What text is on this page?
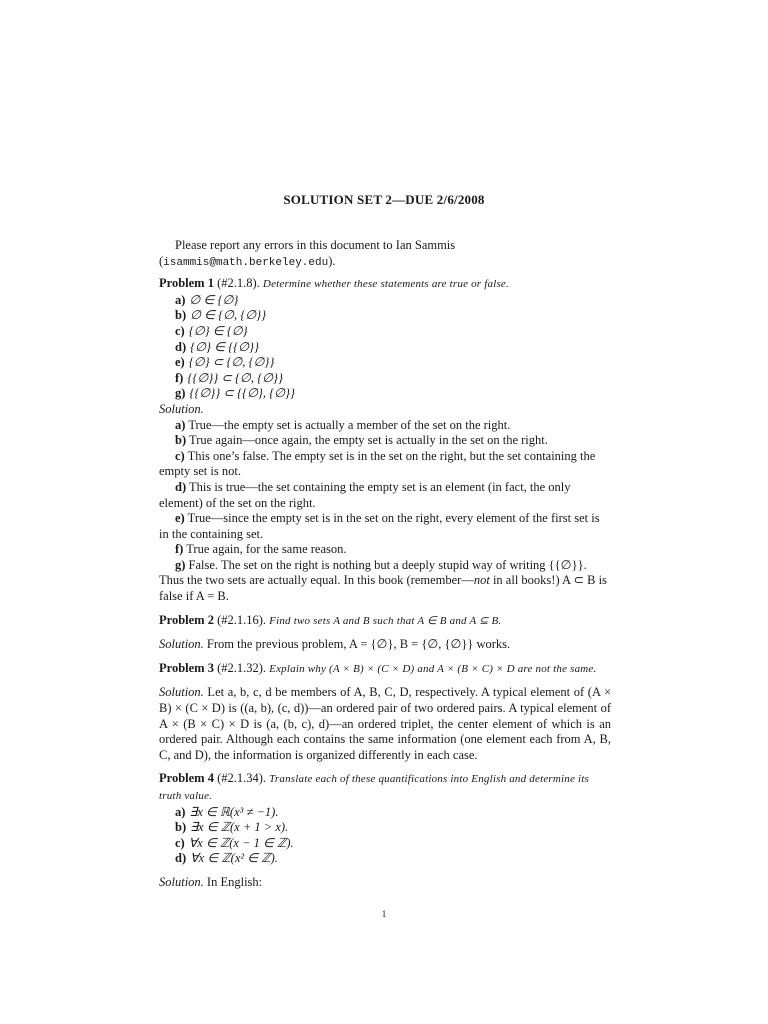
SOLUTION SET 2—DUE 2/6/2008

Please report any errors in this document to Ian Sammis (isammis@math.berkeley.edu).

Problem 1 (#2.1.8). Determine whether these statements are true or false.

a) ∅ ∈ {∅}
b) ∅ ∈ {∅, {∅}}
c) {∅} ∈ {∅}
d) {∅} ∈ {{∅}}
e) {∅} ⊂ {∅, {∅}}
f) {{∅}} ⊂ {∅, {∅}}
g) {{∅}} ⊂ {{∅}, {∅}}

Solution.

a) True—the empty set is actually a member of the set on the right.

b) True again—once again, the empty set is actually in the set on the right.

c) This one’s false. The empty set is in the set on the right, but the set containing the empty set is not.

d) This is true—the set containing the empty set is an element (in fact, the only element) of the set on the right.

e) True—since the empty set is in the set on the right, every element of the first set is in the containing set.

f) True again, for the same reason.

g) False. The set on the right is nothing but a deeply stupid way of writing {{∅}}. Thus the two sets are actually equal. In this book (remember—not in all books!) A ⊂ B is false if A = B.

Problem 2 (#2.1.16). Find two sets A and B such that A ∈ B and A ⊆ B.

Solution. From the previous problem, A = {∅}, B = {∅, {∅}} works.

Problem 3 (#2.1.32). Explain why (A × B) × (C × D) and A × (B × C) × D are not the same.

Solution. Let a, b, c, d be members of A, B, C, D, respectively. A typical element of (A × B) × (C × D) is ((a, b), (c, d))—an ordered pair of two ordered pairs. A typical element of A × (B × C) × D is (a, (b, c), d)—an ordered triplet, the center element of which is an ordered pair. Although each contains the same information (one element each from A, B, C, and D), the information is organized differently in each case.

Problem 4 (#2.1.34). Translate each of these quantifications into English and determine its truth value.

a) ∃x ∈ ℝ(x³ ≠ −1).
b) ∃x ∈ ℤ(x + 1 > x).
c) ∀x ∈ ℤ(x − 1 ∈ ℤ).
d) ∀x ∈ ℤ(x² ∈ ℤ).

Solution. In English:

1
